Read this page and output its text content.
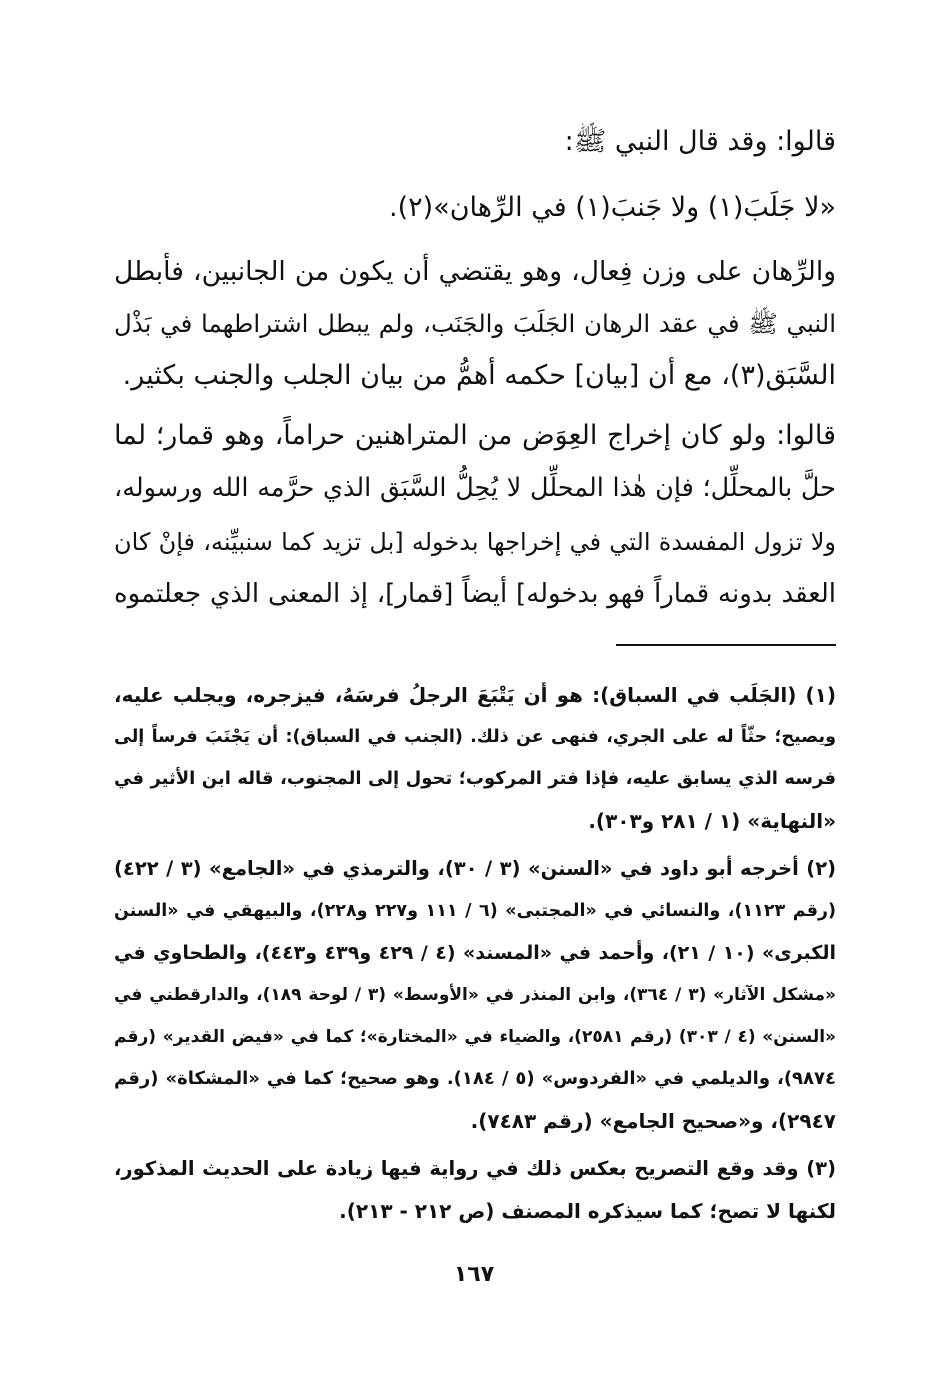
قالوا: وقد قال النبي ﷺ:
«لا جَلَبَ(١) ولا جَنبَ(١) في الرِّهان»(٢).
والرِّهان على وزن فِعال، وهو يقتضي أن يكون من الجانبين، فأبطل
النبي ﷺ في عقد الرهان الجَلَبَ والجَنَب، ولم يبطل اشتراطهما في بَذْل
السَّبَق(٣)، مع أن [بيان] حكمه أهمُّ من بيان الجلب والجنب بكثير.
قالوا: ولو كان إخراج العِوَض من المتراهنين حراماً، وهو قمار؛ لما
حلَّ بالمحلِّل؛ فإن هٰذا المحلِّل لا يُحِلُّ السَّبَق الذي حرَّمه الله ورسوله،
ولا تزول المفسدة التي في إخراجها بدخوله [بل تزيد كما سنبيِّنه، فإنْ كان
العقد بدونه قماراً فهو بدخوله] أيضاً [قمار]، إذ المعنى الذي جعلتموه
(١) (الجَلَب في السباق): هو أن يَتْبَعَ الرجلُ فرسَهُ، فيزجره، ويجلب عليه،
ويصيح؛ حثّاً له على الجري، فنهى عن ذلك. (الجنب في السباق): أن يَجْنَبَ فرساً إلى
فرسه الذي يسابق عليه، فإذا فتر المركوب؛ تحول إلى المجنوب، قاله ابن الأثير في
«النهاية» (١ / ٢٨١ و٣٠٣).
(٢) أخرجه أبو داود في «السنن» (٣ / ٣٠)، والترمذي في «الجامع» (٣ / ٤٢٢)
(رقم ١١٢٣)، والنسائي في «المجتبى» (٦ / ١١١ و٢٢٧ و٢٢٨)، والبيهقي في «السنن
الكبرى» (١٠ / ٢١)، وأحمد في «المسند» (٤ / ٤٢٩ و٤٣٩ و٤٤٣)، والطحاوي في
«مشكل الآثار» (٣ / ٣٦٤)، وابن المنذر في «الأوسط» (٣ / لوحة ١٨٩)، والدارقطني في
«السنن» (٤ / ٣٠٣) (رقم ٢٥٨١)، والضياء في «المختارة»؛ كما في «فيض القدير» (رقم
٩٨٧٤)، والديلمي في «الفردوس» (٥ / ١٨٤). وهو صحيح؛ كما في «المشكاة» (رقم
٢٩٤٧)، و«صحيح الجامع» (رقم ٧٤٨٣).
(٣) وقد وقع التصريح بعكس ذلك في رواية فيها زيادة على الحديث المذكور،
لكنها لا تصح؛ كما سيذكره المصنف (ص ٢١٢ - ٢١٣).
١٦٧
